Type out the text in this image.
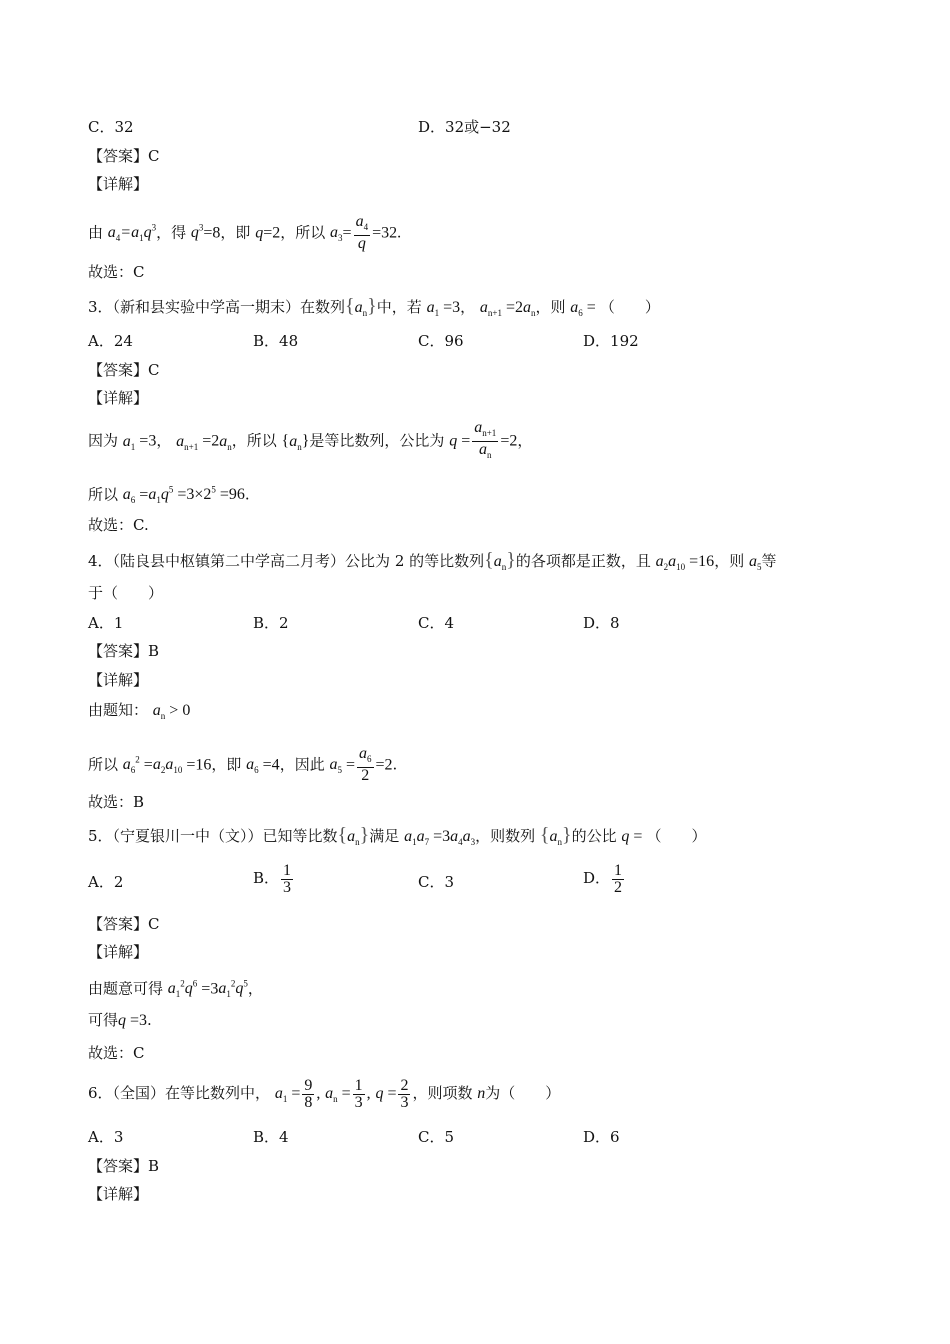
C．32	D．32或−32
【答案】C
【详解】
由 $a_4=a_1q^3$，得 $q^3=8$，即 q=2，所以 $a_3= \frac{a_4}{q} =32$.
故选：C
3．（新和县实验中学高一期末）在数列$\{a_n\}$中，若 $a_1 =3$， $a_{n+1} =2a_n$，则 $a_6$ = （　　）
A．24	B．48	C．96	D．192
【答案】C
【详解】
因为 $a_1 =3$， $a_{n+1} =2a_n$，所以 $\{a_n\}$是等比数列，公比为 $q = \frac{a_{n+1}}{a_n} =2$，
所以 $a_6 =a_1q^5 =3\times 2^5 =96$.
故选：C.
4．（陆良县中枢镇第二中学高二月考）公比为 2 的等比数列$\{a_n\}$的各项都是正数，且 $a_2a_{10} =16$，则 $a_5$等
于（　　）
A．1	B．2	C．4	D．8
【答案】B
【详解】
由题知： $a_n > 0$
所以 $a_6^2 =a_2a_{10} =16$，即 $a_6 =4$，因此 $a_5 = \frac{a_6}{2} =2$.
故选：B
5．（宁夏银川一中（文））已知等比数$\{a_n\}$满足 $a_1a_7 =3a_4a_3$，则数列 $\{a_n\}$的公比 q = （　　）
A．2	B． $\frac{1}{3}$	C．3	D． $\frac{1}{2}$
【答案】C
【详解】
由题意可得 $a_1^2q^6 =3a_1^2q^5$，
可得q =3.
故选：C
6．（全国）在等比数列中， $a_1 = \frac{9}{8}$ , $a_n = \frac{1}{3}$ , $q = \frac{2}{3}$ ，则项数 n为（　　）
A．3	B．4	C．5	D．6
【答案】B
【详解】
